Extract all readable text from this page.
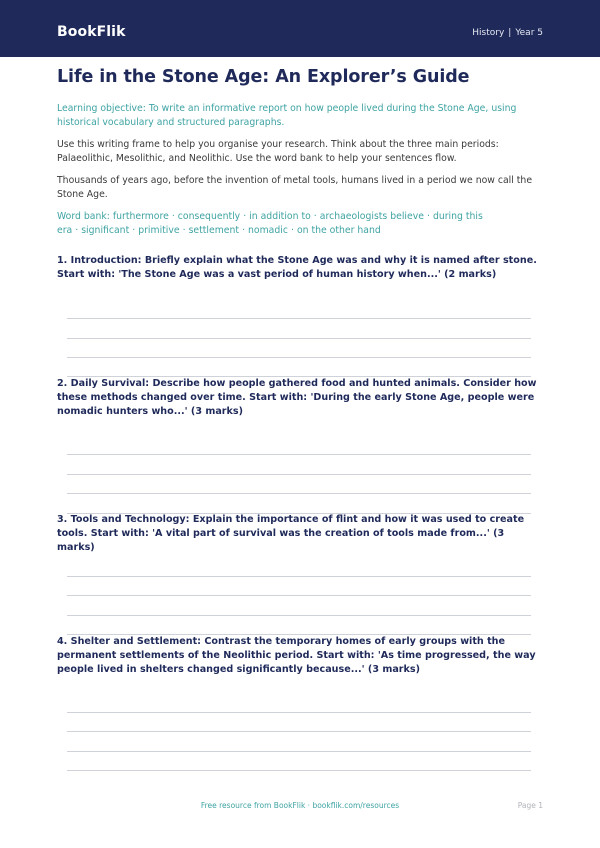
BookFlik	History | Year 5
Life in the Stone Age: An Explorer’s Guide
Learning objective: To write an informative report on how people lived during the Stone Age, using historical vocabulary and structured paragraphs.
Use this writing frame to help you organise your research. Think about the three main periods: Palaeolithic, Mesolithic, and Neolithic. Use the word bank to help your sentences flow.
Thousands of years ago, before the invention of metal tools, humans lived in a period we now call the Stone Age.
Word bank: furthermore · consequently · in addition to · archaeologists believe · during this era · significant · primitive · settlement · nomadic · on the other hand
1. Introduction: Briefly explain what the Stone Age was and why it is named after stone. Start with: 'The Stone Age was a vast period of human history when...' (2 marks)
2. Daily Survival: Describe how people gathered food and hunted animals. Consider how these methods changed over time. Start with: 'During the early Stone Age, people were nomadic hunters who...' (3 marks)
3. Tools and Technology: Explain the importance of flint and how it was used to create tools. Start with: 'A vital part of survival was the creation of tools made from...' (3 marks)
4. Shelter and Settlement: Contrast the temporary homes of early groups with the permanent settlements of the Neolithic period. Start with: 'As time progressed, the way people lived in shelters changed significantly because...' (3 marks)
Free resource from BookFlik · bookflik.com/resources	Page 1
